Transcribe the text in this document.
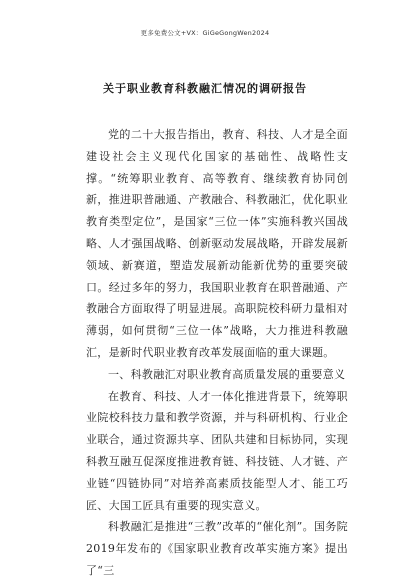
更多免费公文+VX：GiGeGongWen2024
关于职业教育科教融汇情况的调研报告

党的二十大报告指出，教育、科技、人才是全面建设社会主义现代化国家的基础性、战略性支撑。“统筹职业教育、高等教育、继续教育协同创新，推进职普融通、产教融合、科教融汇，优化职业教育类型定位”，是国家“三位一体”实施科教兴国战略、人才强国战略、创新驱动发展战略，开辟发展新领域、新赛道，塑造发展新动能新优势的重要突破口。经过多年的努力，我国职业教育在职普融通、产教融合方面取得了明显进展。高职院校科研力量相对薄弱，如何贯彻“三位一体”战略，大力推进科教融汇，是新时代职业教育改革发展面临的重大课题。

一、科教融汇对职业教育高质量发展的重要意义

在教育、科技、人才一体化推进背景下，统筹职业院校科技力量和教学资源，并与科研机构、行业企业联合，通过资源共享、团队共建和目标协同，实现科教互融互促深度推进教育链、科技链、人才链、产业链“四链协同”对培养高素质技能型人才、能工巧匠、大国工匠具有重要的现实意义。

科教融汇是推进“三教”改革的“催化剂”。国务院2019年发布的《国家职业教育改革实施方案》提出了“三
